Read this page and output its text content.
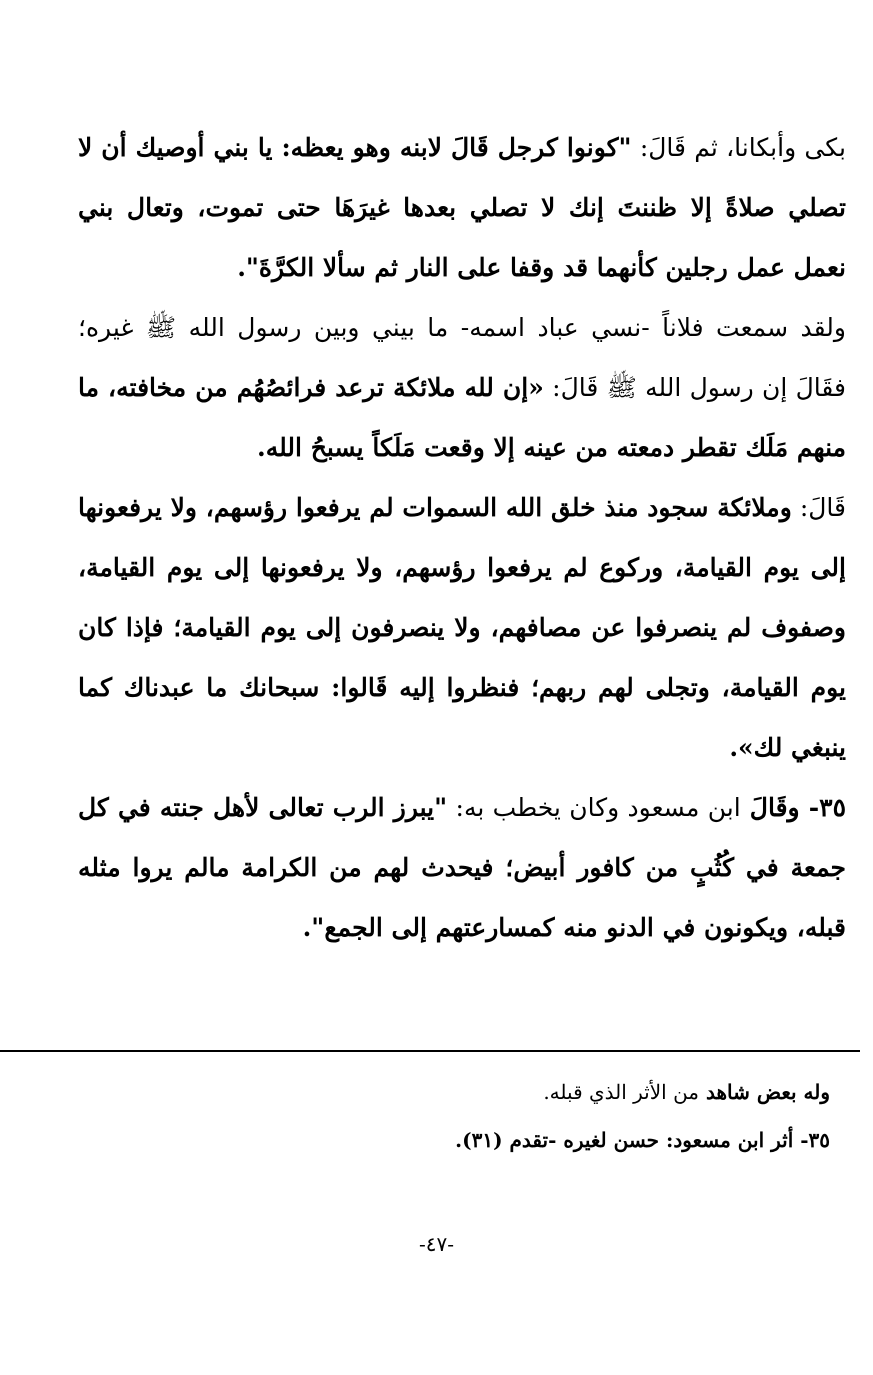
بكى وأبكانا، ثم قَالَ: "كونوا كرجل قَالَ لابنه وهو يعظه: يا بني أوصيك أن لا تصلي صلاةً إلا ظننتَ إنك لا تصلي بعدها غيرَهَا حتى تموت، وتعال بني نعمل عمل رجلين كأنهما قد وقفا على النار ثم سألا الكرَّةَ".

ولقد سمعت فلاناً -نسي عباد اسمه- ما بيني وبين رسول الله ﷺ غيره؛ فقَالَ إن رسول الله ﷺ قَالَ: «إن لله ملائكة ترعد فرائصُهُم من مخافته، ما منهم مَلَك تقطر دمعته من عينه إلا وقعت مَلَكاً يسبحُ الله.

قَالَ: وملائكة سجود منذ خلق الله السموات لم يرفعوا رؤسهم، ولا يرفعونها إلى يوم القيامة، وركوع لم يرفعوا رؤسهم، ولا يرفعونها إلى يوم القيامة، وصفوف لم ينصرفوا عن مصافهم، ولا ينصرفون إلى يوم القيامة؛ فإذا كان يوم القيامة، وتجلى لهم ربهم؛ فنظروا إليه قَالوا: سبحانك ما عبدناك كما ينبغي لك».

٣٥- وقَالَ ابن مسعود وكان يخطب به: "يبرز الرب تعالى لأهل جنته في كل جمعة في كُثُبٍ من كافور أبيض؛ فيحدث لهم من الكرامة مالم يروا مثله قبله، ويكونون في الدنو منه كمسارعتهم إلى الجمع".

وله بعض شاهد من الأثر الذي قبله.

٣٥- أثر ابن مسعود: حسن لغيره -تقدم (٣١).

-٤٧-
